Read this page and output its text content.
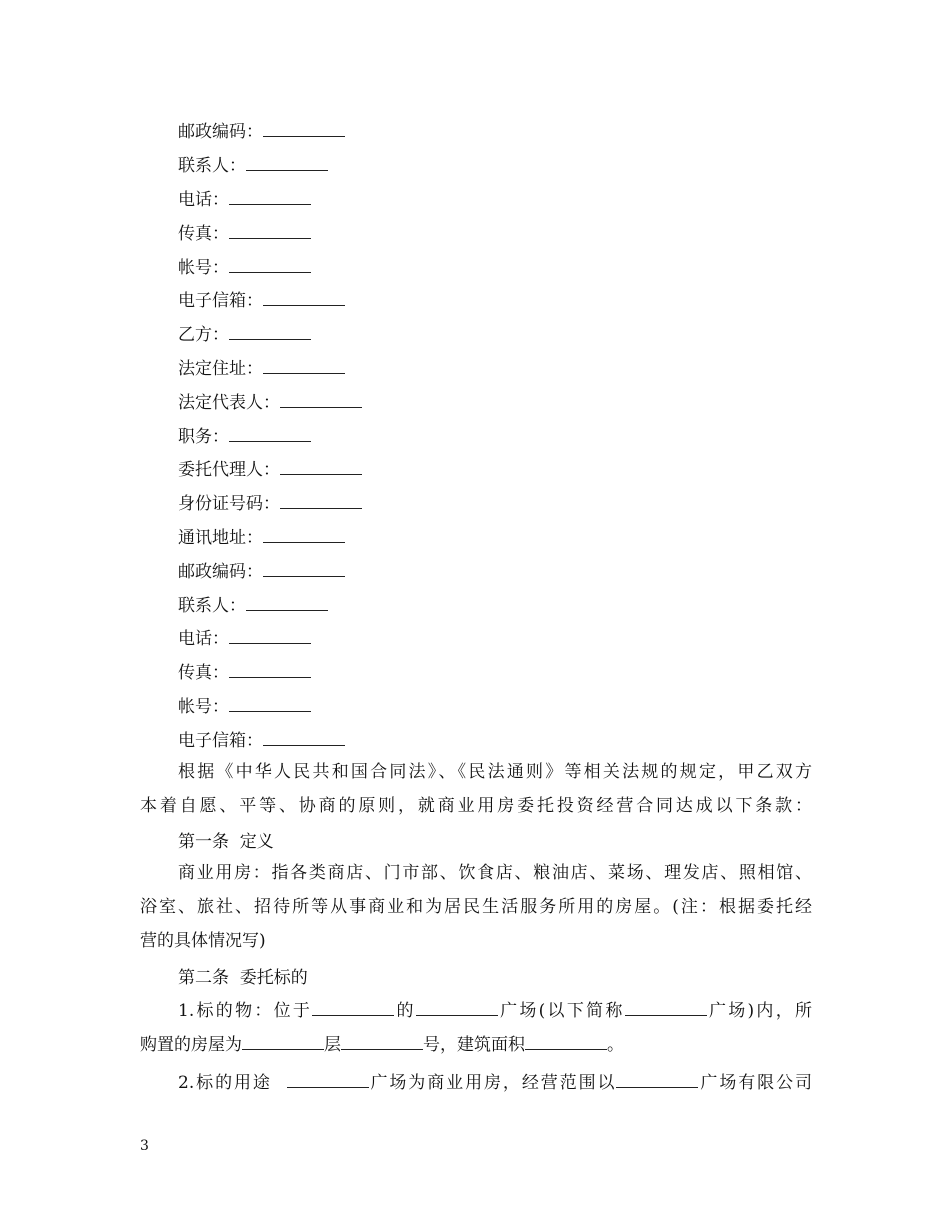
邮政编码：
联系人：
电话：
传真：
帐号：
电子信箱：
乙方：
法定住址：
法定代表人：
职务：
委托代理人：
身份证号码：
通讯地址：
邮政编码：
联系人：
电话：
传真：
帐号：
电子信箱：
根据《中华人民共和国合同法》、《民法通则》等相关法规的规定，甲乙双方
本着自愿、平等、协商的原则，就商业用房委托投资经营合同达成以下条款：
第一条  定义
商业用房：指各类商店、门市部、饮食店、粮油店、菜场、理发店、照相馆、
浴室、旅社、招待所等从事商业和为居民生活服务所用的房屋。(注：根据委托经
营的具体情况写)
第二条  委托标的
1.标的物：位于	的	广场(以下简称	广场)内，所
购置的房屋为	层	号，建筑面积	。
2.标的用途	广场为商业用房，经营范围以	广场有限公司
3
